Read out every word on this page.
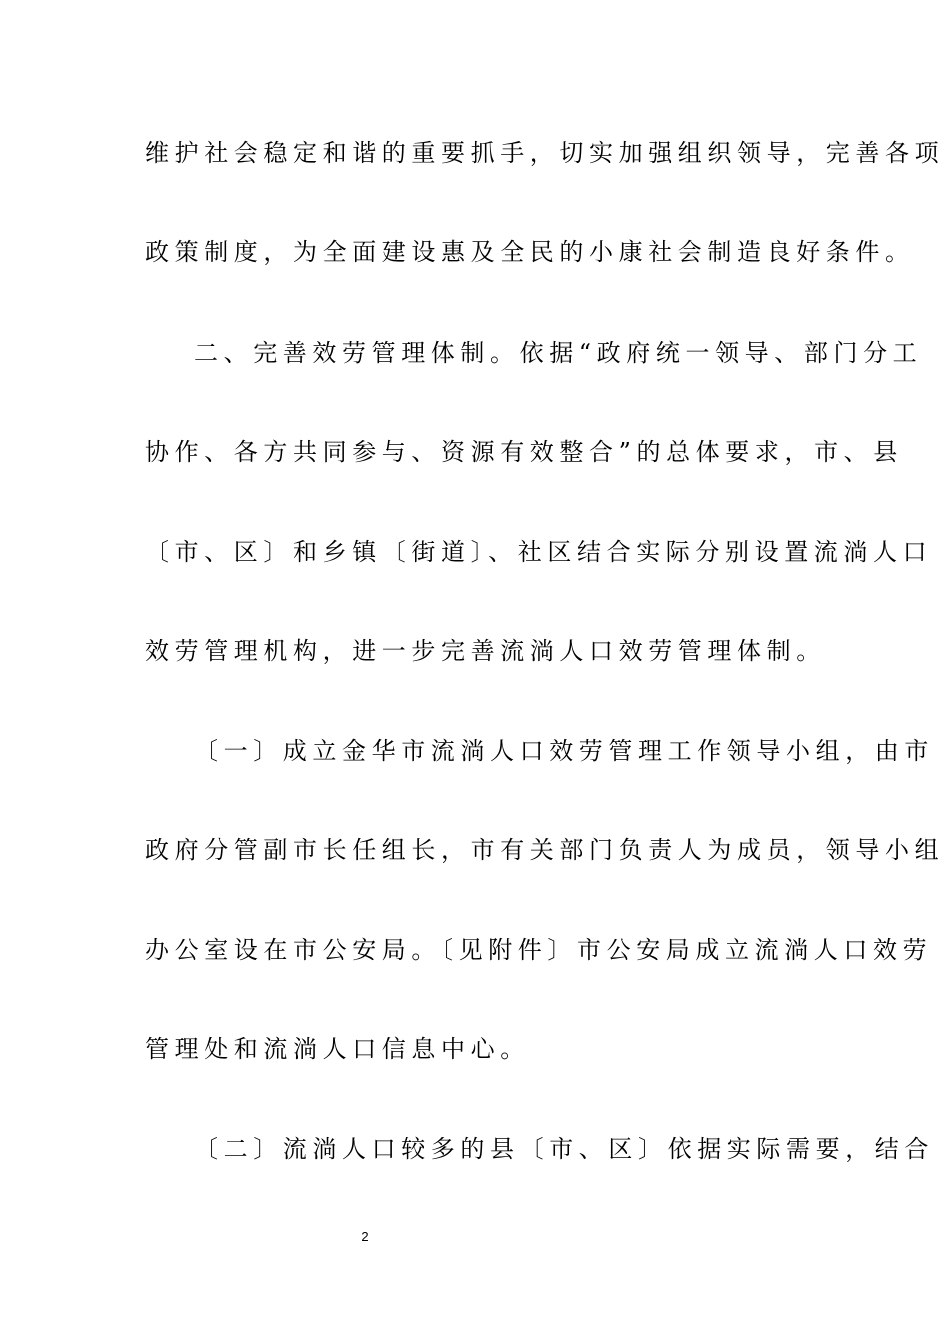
维护社会稳定和谐的重要抓手，切实加强组织领导，完善各项
政策制度，为全面建设惠及全民的小康社会制造良好条件。
二、完善效劳管理体制。依据“政府统一领导、部门分工
协作、各方共同参与、资源有效整合”的总体要求，市、县
〔市、区〕和乡镇〔街道〕、社区结合实际分别设置流淌人口
效劳管理机构，进一步完善流淌人口效劳管理体制。
〔一〕成立金华市流淌人口效劳管理工作领导小组，由市
政府分管副市长任组长，市有关部门负责人为成员，领导小组
办公室设在市公安局。〔见附件〕市公安局成立流淌人口效劳
管理处和流淌人口信息中心。
〔二〕流淌人口较多的县〔市、区〕依据实际需要，结合
2
